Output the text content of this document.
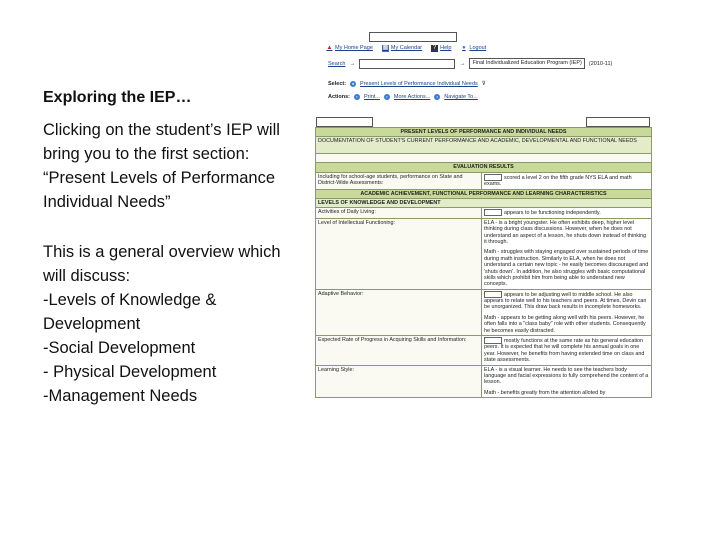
Exploring the IEP…

Clicking on the student’s IEP will bring you to the first section: “Present Levels of Performance Individual Needs”

This is a general overview which will discuss:

-Levels of Knowledge & Development

-Social Development

- Physical Development

-Management Needs

▲ My Home Page ▦ My Calendar	? Help ● Logout
Search →	→	Final Individualized Education Program (IEP)	(2010-11)
Select:	●	Present Levels of Performance Individual Needs ⊽
Actions:	▪	Print...	▪	More Actions...	▪	Navigate To...
PRESENT LEVELS OF PERFORMANCE AND INDIVIDUAL NEEDS	
DOCUMENTATION OF STUDENT'S CURRENT PERFORMANCE AND ACADEMIC, DEVELOPMENTAL AND FUNCTIONAL NEEDS	

EVALUATION RESULTS	
Including for school-age students, performance on State and District-Wide Assessments:	scored a level 2 on the fifth grade NYS ELA and math exams.
ACADEMIC ACHIEVEMENT, FUNCTIONAL PERFORMANCE AND LEARNING CHARACTERISTICS	
LEVELS OF KNOWLEDGE AND DEVELOPMENT	
Activities of Daily Living:	appears to be functioning independently.
Level of Intellectual Functioning:	ELA - is a bright youngster. He often exhibits deep, higher level thinking during class discussions. However, when he does not understand an aspect of a lesson, he shuts down instead of thinking it through.
Math - struggles with staying engaged over sustained periods of time during math instruction. Similarly to ELA, when he does not understand a certain new topic - he easily becomes discouraged and 'shuts down'. In addition, he also struggles with basic computational skills which prohibit him from being able to understand new concepts.

Adaptive Behavior:	appears to be adjusting well to middle school. He also appears to relate well to his teachers and peers. At times, Devin can be unorganized. This draw back results in incomplete homeworks.
Math - appears to be getting along well with his peers. However, he often falls into a "class baby" role with other students. Consequently he becomes easily distracted.

Expected Rate of Progress in Acquiring Skills and Information:	mostly functions at the same rate as his general education peers. It is expected that he will complete his annual goals in one year. However, he benefits from having extended time on class and state assessments.
Learning Style:	ELA - is a visual learner. He needs to see the teachers body language and facial expressions to fully comprehend the content of a lesson.
Math - benefits greatly from the attention alloted by
